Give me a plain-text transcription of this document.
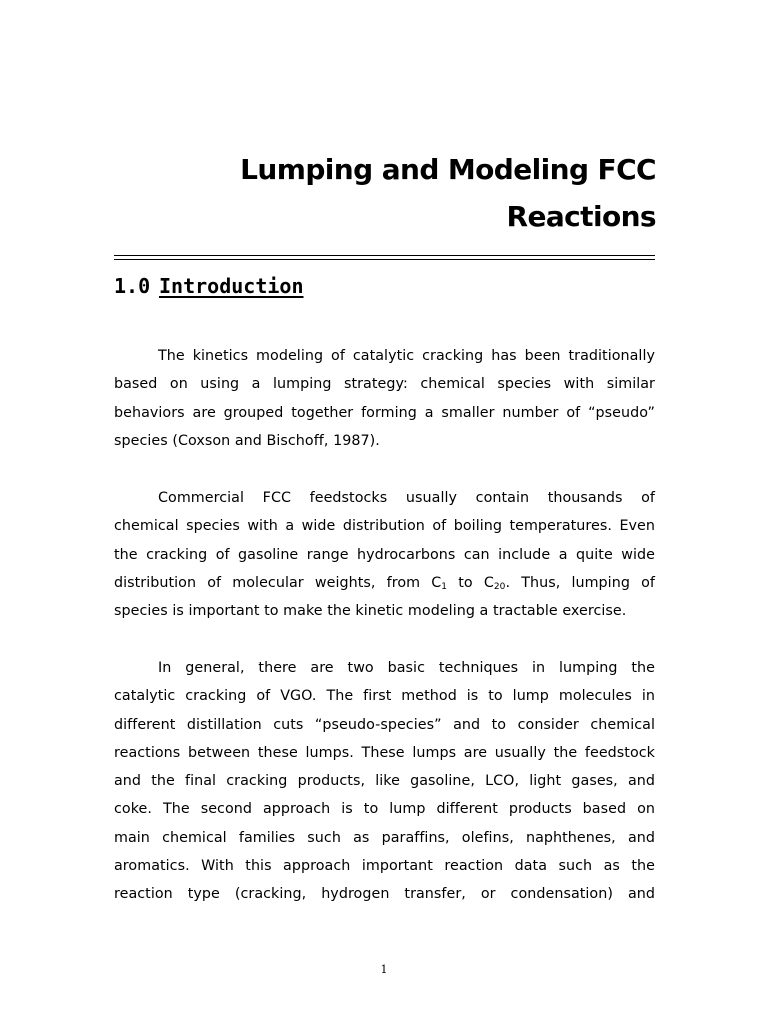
Lumping and Modeling FCC
Reactions
1.0 Introduction
The kinetics modeling of catalytic cracking has been traditionally
based on using a lumping strategy: chemical species with similar
behaviors are grouped together forming a smaller number of “pseudo”
species (Coxson and Bischoff, 1987).
Commercial FCC feedstocks usually contain thousands of
chemical species with a wide distribution of boiling temperatures. Even
the cracking of gasoline range hydrocarbons can include a quite wide
distribution of molecular weights, from $C_1$ to $C_{20}$. Thus, lumping of
species is important to make the kinetic modeling a tractable exercise.
In general, there are two basic techniques in lumping the
catalytic cracking of VGO. The first method is to lump molecules in
different distillation cuts “pseudo-species” and to consider chemical
reactions between these lumps. These lumps are usually the feedstock
and the final cracking products, like gasoline, LCO, light gases, and
coke. The second approach is to lump different products based on
main chemical families such as paraffins, olefins, naphthenes, and
aromatics. With this approach important reaction data such as the
reaction type (cracking, hydrogen transfer, or condensation) and
1
